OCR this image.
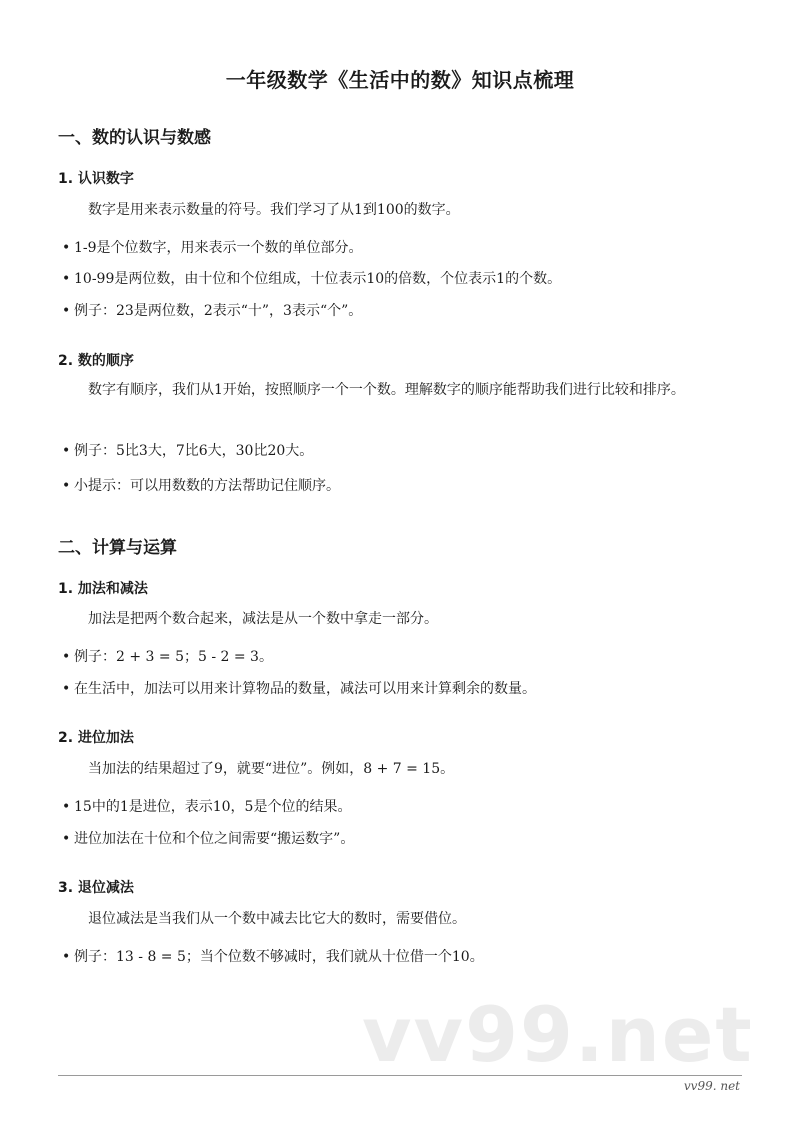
一年级数学《生活中的数》知识点梳理
一、数的认识与数感
1. 认识数字
数字是用来表示数量的符号。我们学习了从1到100的数字。
• 1-9是个位数字，用来表示一个数的单位部分。
• 10-99是两位数，由十位和个位组成，十位表示10的倍数，个位表示1的个数。
• 例子：23是两位数，2表示“十”，3表示“个”。
2. 数的顺序
数字有顺序，我们从1开始，按照顺序一个一个数。理解数字的顺序能帮助我们进行比较和排序。
• 例子：5比3大，7比6大，30比20大。
• 小提示：可以用数数的方法帮助记住顺序。
二、计算与运算
1. 加法和减法
加法是把两个数合起来，减法是从一个数中拿走一部分。
• 例子：2 + 3 = 5；5 - 2 = 3。
• 在生活中，加法可以用来计算物品的数量，减法可以用来计算剩余的数量。
2. 进位加法
当加法的结果超过了9，就要“进位”。例如，8 + 7 = 15。
• 15中的1是进位，表示10，5是个位的结果。
• 进位加法在十位和个位之间需要“搬运数字”。
3. 退位减法
退位减法是当我们从一个数中减去比它大的数时，需要借位。
• 例子：13 - 8 = 5；当个位数不够减时，我们就从十位借一个10。
vv99.net
vv99. net
